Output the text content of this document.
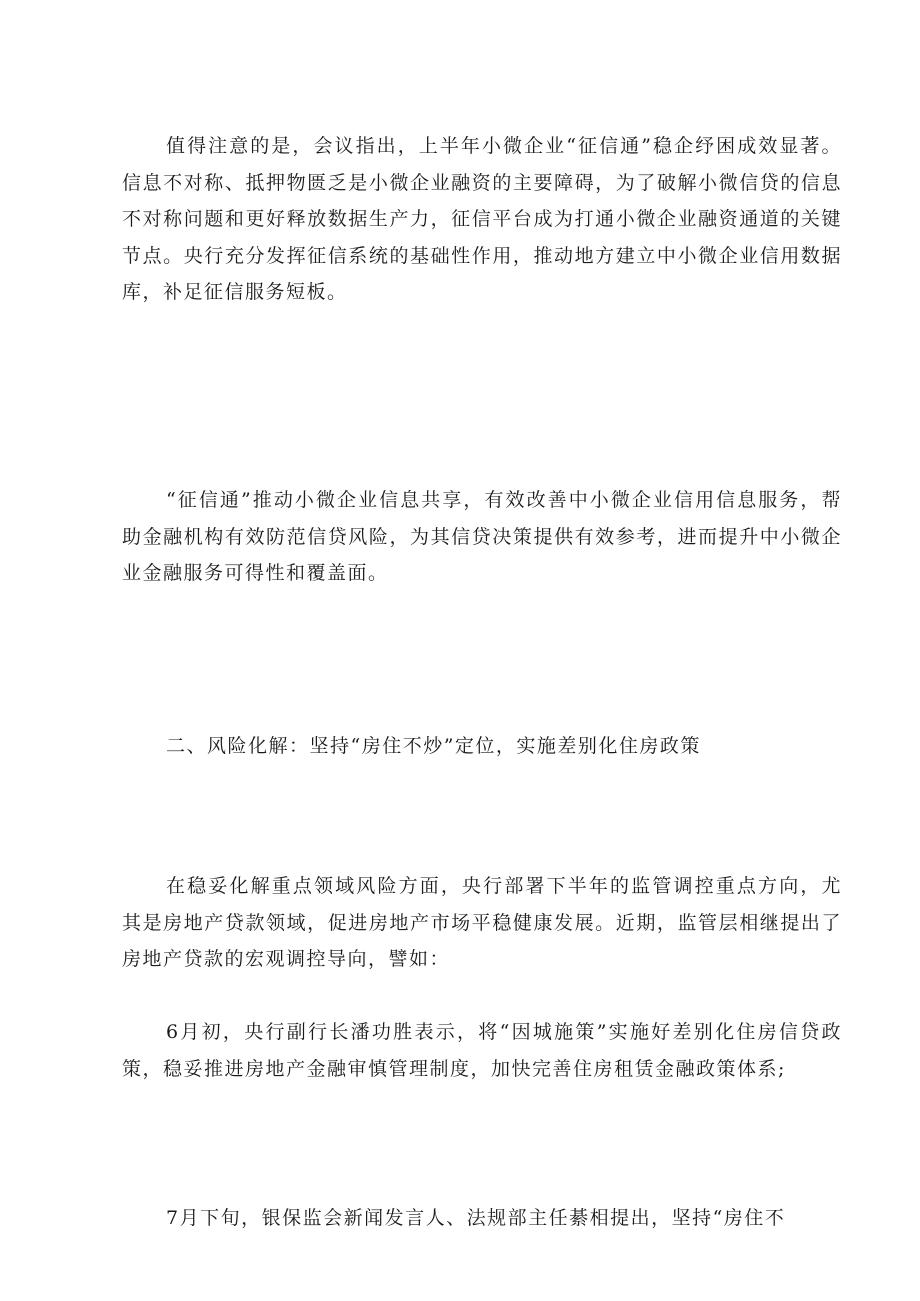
值得注意的是，会议指出，上半年小微企业“征信通”稳企纾困成效显著。信息不对称、抵押物匮乏是小微企业融资的主要障碍，为了破解小微信贷的信息不对称问题和更好释放数据生产力，征信平台成为打通小微企业融资通道的关键节点。央行充分发挥征信系统的基础性作用，推动地方建立中小微企业信用数据库，补足征信服务短板。

“征信通”推动小微企业信息共享，有效改善中小微企业信用信息服务，帮助金融机构有效防范信贷风险，为其信贷决策提供有效参考，进而提升中小微企业金融服务可得性和覆盖面。

二、风险化解：坚持“房住不炒”定位，实施差别化住房政策

在稳妥化解重点领域风险方面，央行部署下半年的监管调控重点方向，尤其是房地产贷款领域，促进房地产市场平稳健康发展。近期，监管层相继提出了房地产贷款的宏观调控导向，譬如：

6月初，央行副行长潘功胜表示，将“因城施策”实施好差别化住房信贷政策，稳妥推进房地产金融审慎管理制度，加快完善住房租赁金融政策体系;

7月下旬，银保监会新闻发言人、法规部主任綦相提出，坚持“房住不
